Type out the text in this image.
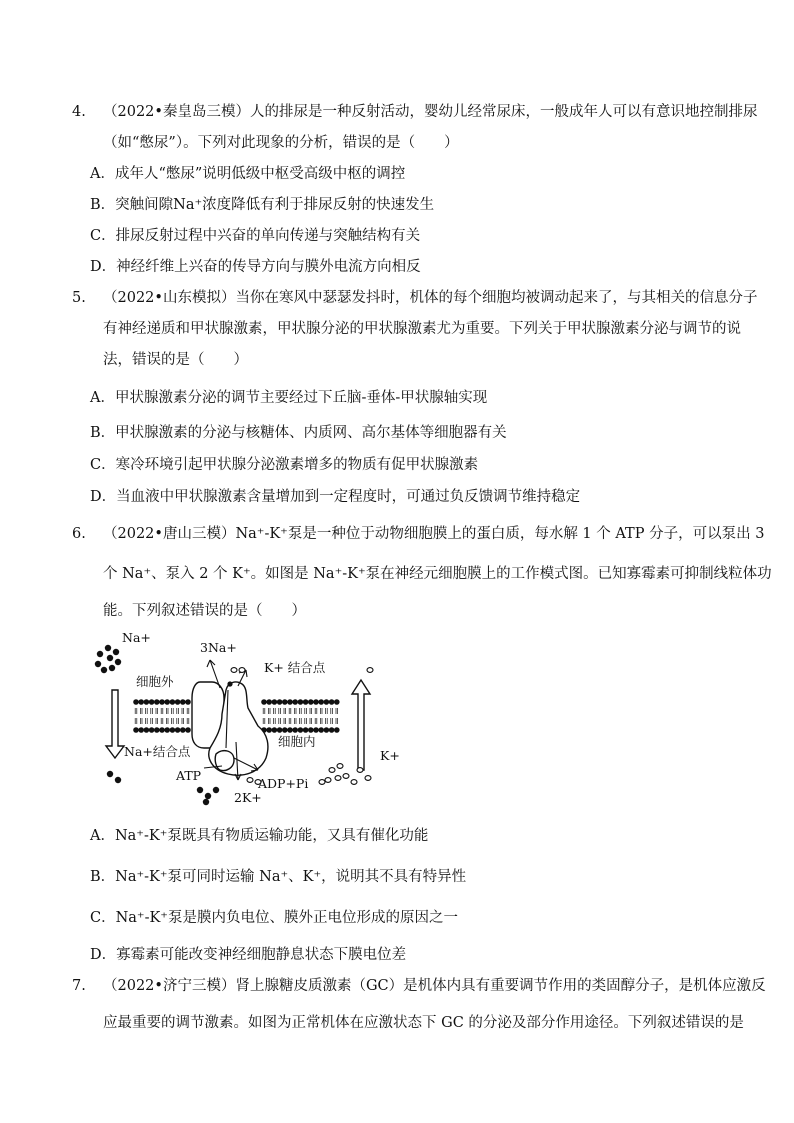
4. （2022•秦皇岛三模）人的排尿是一种反射活动，婴幼儿经常尿床，一般成年人可以有意识地控制排尿
（如“憋尿”）。下列对此现象的分析，错误的是（　　）
A．成年人“憋尿”说明低级中枢受高级中枢的调控
B．突触间隙Na⁺浓度降低有利于排尿反射的快速发生
C．排尿反射过程中兴奋的单向传递与突触结构有关
D．神经纤维上兴奋的传导方向与膜外电流方向相反
5. （2022•山东模拟）当你在寒风中瑟瑟发抖时，机体的每个细胞均被调动起来了，与其相关的信息分子
有神经递质和甲状腺激素，甲状腺分泌的甲状腺激素尤为重要。下列关于甲状腺激素分泌与调节的说
法，错误的是（　　）
A．甲状腺激素分泌的调节主要经过下丘脑-垂体-甲状腺轴实现
B．甲状腺激素的分泌与核糖体、内质网、高尔基体等细胞器有关
C．寒冷环境引起甲状腺分泌激素增多的物质有促甲状腺激素
D．当血液中甲状腺激素含量增加到一定程度时，可通过负反馈调节维持稳定
6. （2022•唐山三模）Na⁺-K⁺泵是一种位于动物细胞膜上的蛋白质，每水解 1 个 ATP 分子，可以泵出 3
个 Na⁺、泵入 2 个 K⁺。如图是 Na⁺-K⁺泵在神经元细胞膜上的工作模式图。已知寡霉素可抑制线粒体功
能。下列叙述错误的是（　　）
Na+
3Na+
K+ 结合点
细胞外
细胞内
Na+结合点
ATP
ADP+Pi
2K+
K+
A．Na⁺-K⁺泵既具有物质运输功能，又具有催化功能
B．Na⁺-K⁺泵可同时运输 Na⁺、K⁺，说明其不具有特异性
C．Na⁺-K⁺泵是膜内负电位、膜外正电位形成的原因之一
D．寡霉素可能改变神经细胞静息状态下膜电位差
7. （2022•济宁三模）肾上腺糖皮质激素（GC）是机体内具有重要调节作用的类固醇分子，是机体应激反
应最重要的调节激素。如图为正常机体在应激状态下 GC 的分泌及部分作用途径。下列叙述错误的是
